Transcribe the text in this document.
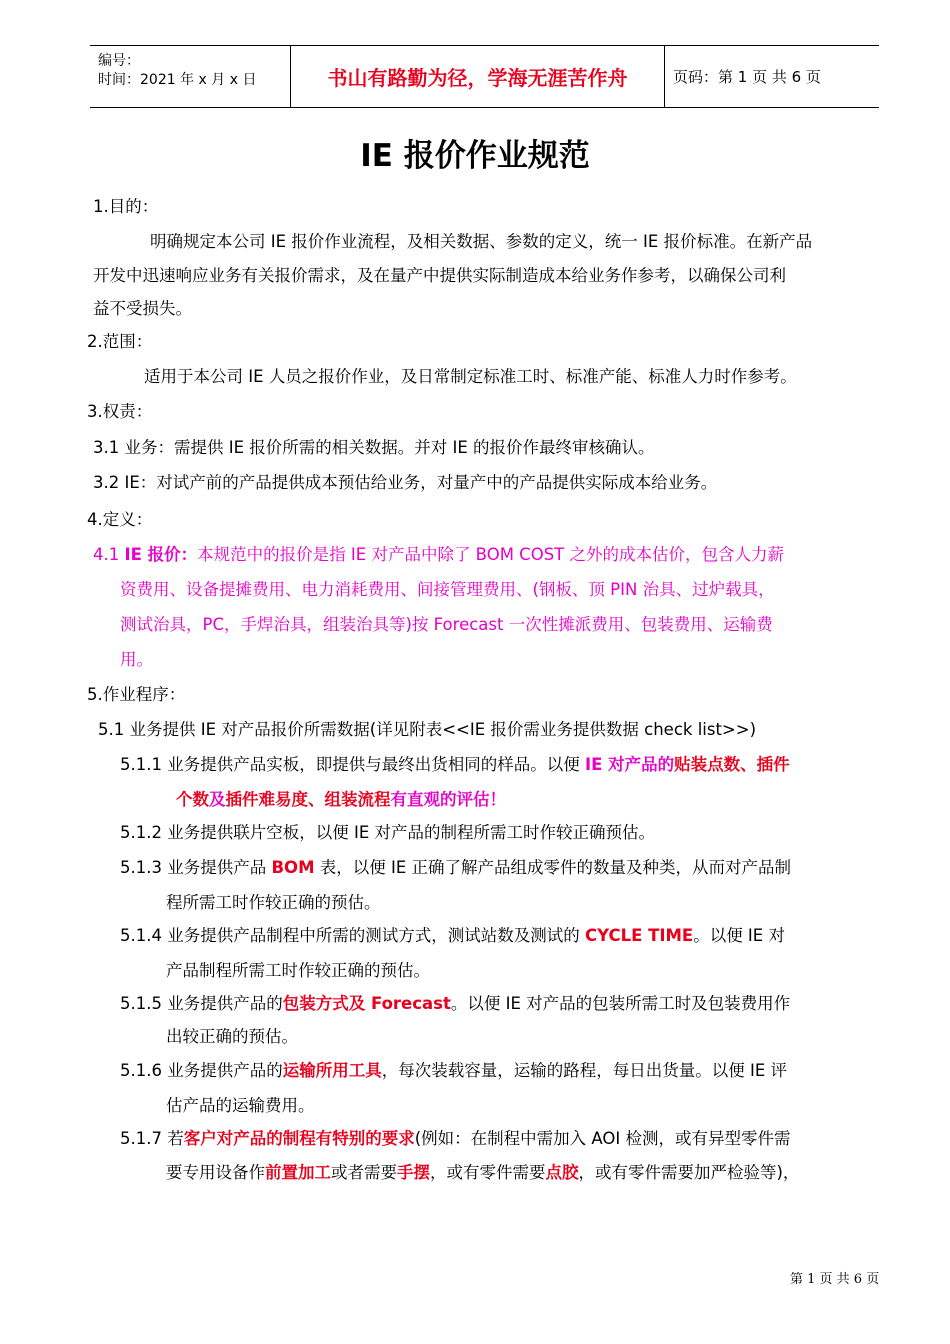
编号：
时间：2021 年 x 月 x 日	书山有路勤为径，学海无涯苦作舟	页码：第 1 页 共 6 页
IE 报价作业规范
1.目的：
明确规定本公司 IE 报价作业流程，及相关数据、参数的定义，统一 IE 报价标准。在新产品
开发中迅速响应业务有关报价需求，及在量产中提供实际制造成本给业务作参考，以确保公司利
益不受损失。
2.范围：
适用于本公司 IE 人员之报价作业，及日常制定标准工时、标准产能、标准人力时作参考。
3.权责：
3.1 业务：需提供 IE 报价所需的相关数据。并对 IE 的报价作最终审核确认。
3.2 IE：对试产前的产品提供成本预估给业务，对量产中的产品提供实际成本给业务。
4.定义：
4.1 IE 报价：本规范中的报价是指 IE 对产品中除了 BOM COST 之外的成本估价，包含人力薪
资费用、设备提摊费用、电力消耗费用、间接管理费用、(钢板、顶 PIN 治具、过炉载具，
测试治具，PC，手焊治具，组装治具等)按 Forecast 一次性摊派费用、包装费用、运输费
用。
5.作业程序：
5.1 业务提供 IE 对产品报价所需数据(详见附表<<IE 报价需业务提供数据 check list>>)
5.1.1 业务提供产品实板，即提供与最终出货相同的样品。以便 IE 对产品的贴装点数、插件
个数及插件难易度、组装流程有直观的评估！
5.1.2 业务提供联片空板，以便 IE 对产品的制程所需工时作较正确预估。
5.1.3 业务提供产品 BOM 表，以便 IE 正确了解产品组成零件的数量及种类，从而对产品制
程所需工时作较正确的预估。
5.1.4 业务提供产品制程中所需的测试方式，测试站数及测试的 CYCLE TIME。以便 IE 对
产品制程所需工时作较正确的预估。
5.1.5 业务提供产品的包装方式及 Forecast。以便 IE 对产品的包装所需工时及包装费用作
出较正确的预估。
5.1.6 业务提供产品的运输所用工具，每次装载容量，运输的路程，每日出货量。以便 IE 评
估产品的运输费用。
5.1.7 若客户对产品的制程有特别的要求(例如：在制程中需加入 AOI 检测，或有异型零件需
要专用设备作前置加工或者需要手摆，或有零件需要点胶，或有零件需要加严检验等)，
第 1 页 共 6 页
